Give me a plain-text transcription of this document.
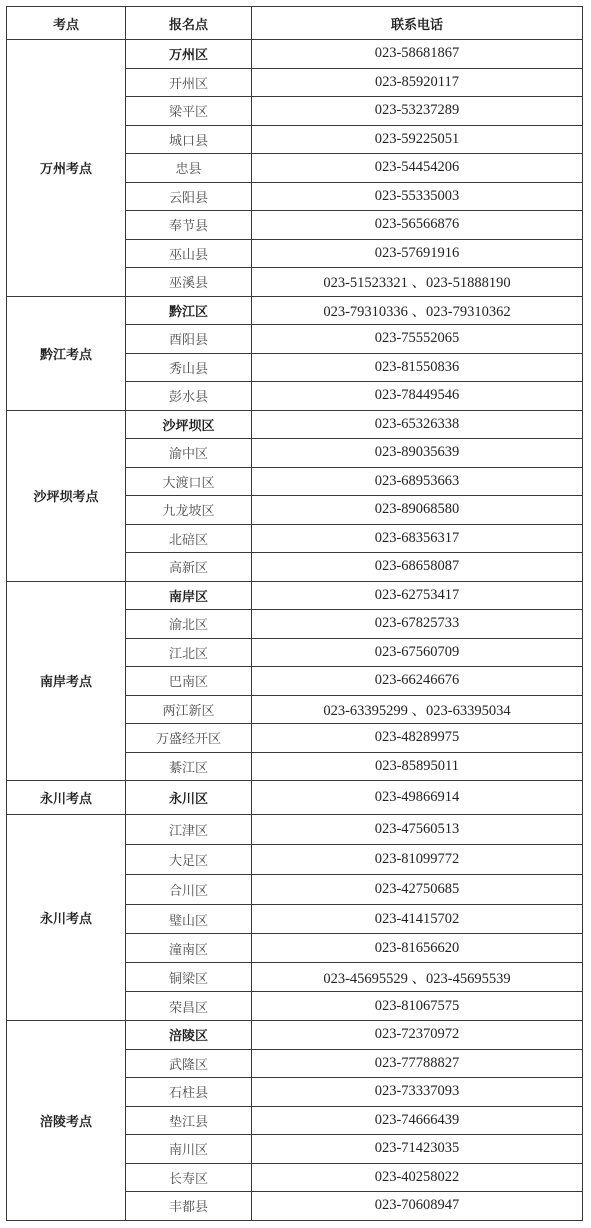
考点	报名点	联系电话
万州考点	万州区	023-58681867
	开州区	023-85920117
	梁平区	023-53237289
	城口县	023-59225051
	忠县	023-54454206
	云阳县	023-55335003
	奉节县	023-56566876
	巫山县	023-57691916
	巫溪县	023-51523321 、023-51888190
黔江考点	黔江区	023-79310336 、023-79310362
	酉阳县	023-75552065
	秀山县	023-81550836
	彭水县	023-78449546
沙坪坝考点	沙坪坝区	023-65326338
	渝中区	023-89035639
	大渡口区	023-68953663
	九龙坡区	023-89068580
	北碚区	023-68356317
	高新区	023-68658087
南岸考点	南岸区	023-62753417
	渝北区	023-67825733
	江北区	023-67560709
	巴南区	023-66246676
	两江新区	023-63395299 、023-63395034
	万盛经开区	023-48289975
	綦江区	023-85895011
永川考点	永川区	023-49866914
永川考点	江津区	023-47560513
	大足区	023-81099772
	合川区	023-42750685
	璧山区	023-41415702
	潼南区	023-81656620
	铜梁区	023-45695529 、023-45695539
	荣昌区	023-81067575
涪陵考点	涪陵区	023-72370972
	武隆区	023-77788827
	石柱县	023-73337093
	垫江县	023-74666439
	南川区	023-71423035
	长寿区	023-40258022
	丰都县	023-70608947
